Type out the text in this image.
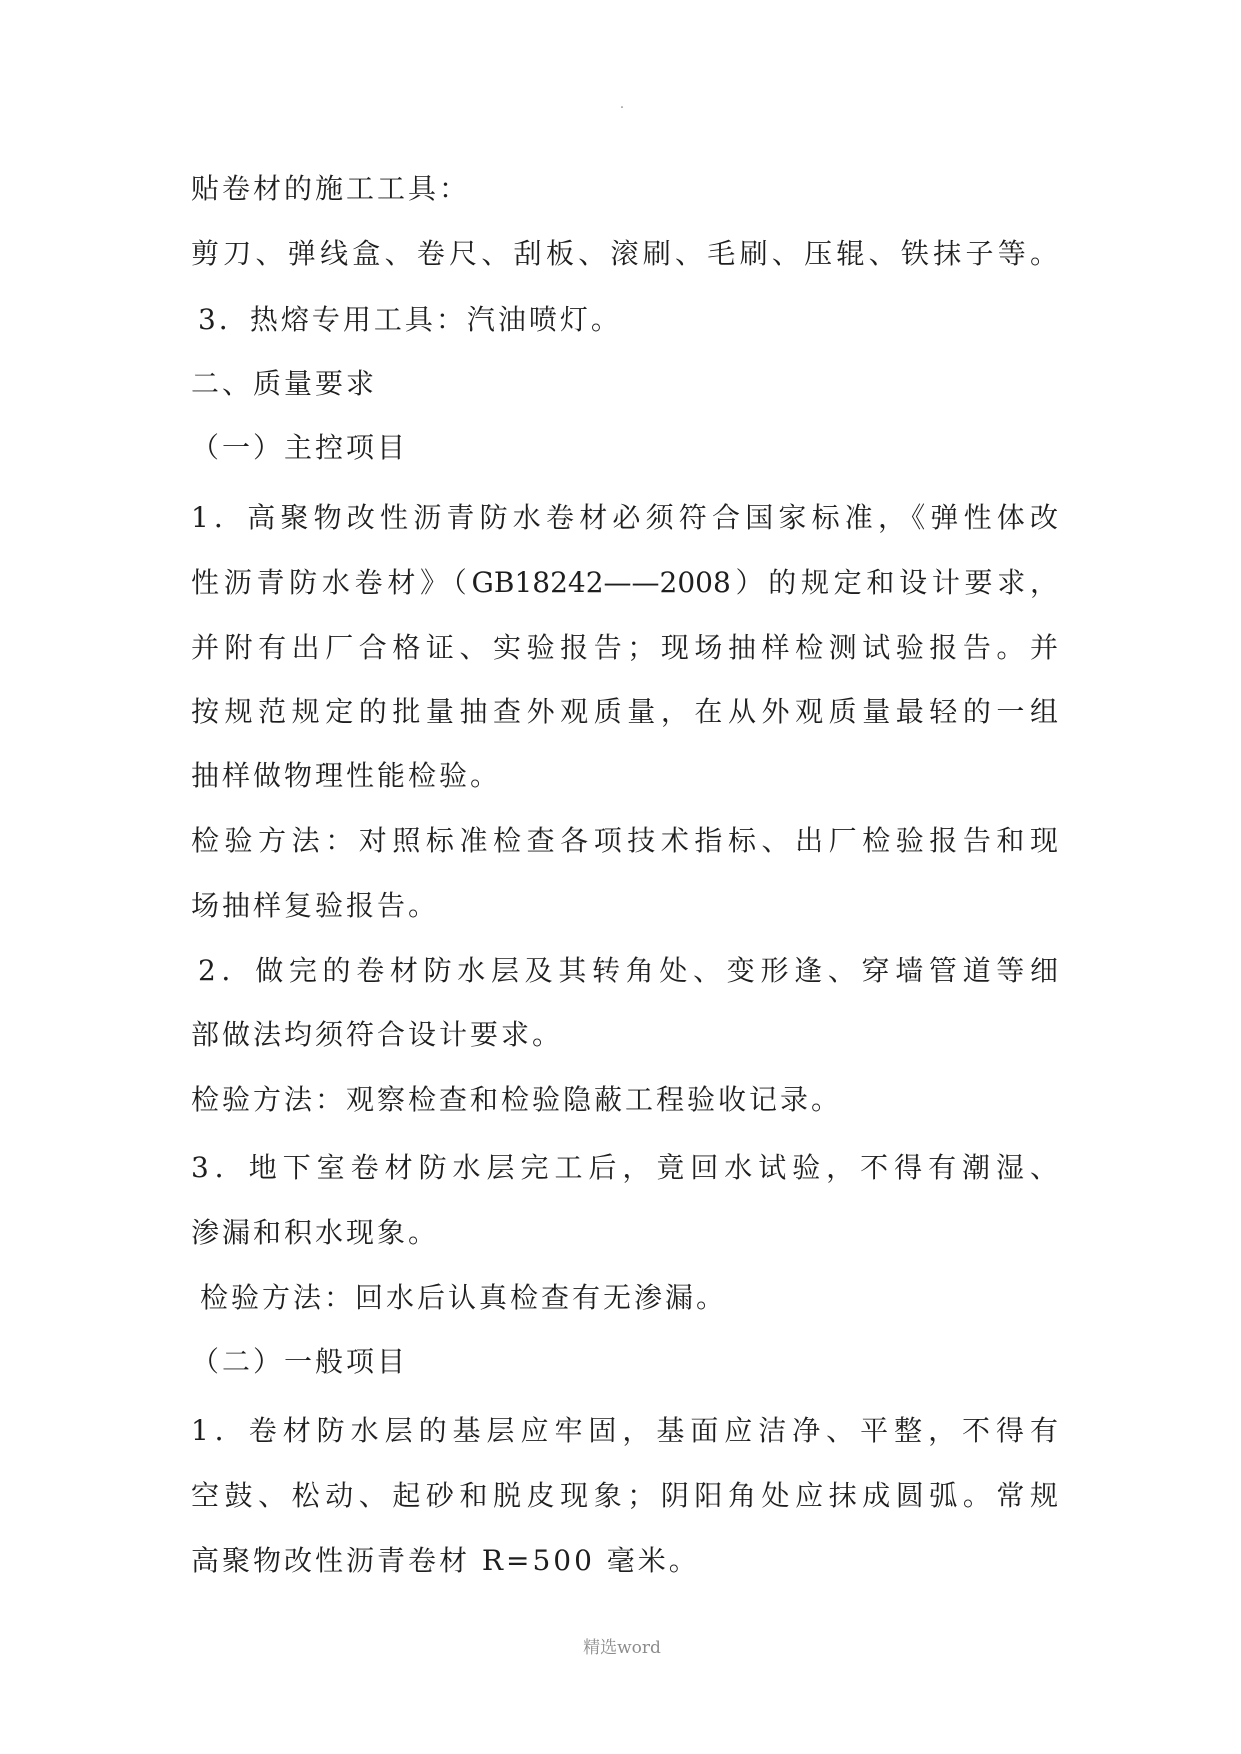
.
贴卷材的施工工具：
剪刀、弹线盒、卷尺、刮板、滚刷、毛刷、压辊、铁抹子等。
3．热熔专用工具：汽油喷灯。
二、质量要求
（一）主控项目
1．高聚物改性沥青防水卷材必须符合国家标准，《弹性体改
性沥青防水卷材》（GB18242——2008）的规定和设计要求，
并附有出厂合格证、实验报告；现场抽样检测试验报告。并
按规范规定的批量抽查外观质量，在从外观质量最轻的一组
抽样做物理性能检验。
检验方法：对照标准检查各项技术指标、出厂检验报告和现
场抽样复验报告。
2．做完的卷材防水层及其转角处、变形逢、穿墙管道等细
部做法均须符合设计要求。
检验方法：观察检查和检验隐蔽工程验收记录。
3．地下室卷材防水层完工后，竟回水试验，不得有潮湿、
渗漏和积水现象。
检验方法：回水后认真检查有无渗漏。
（二）一般项目
1．卷材防水层的基层应牢固，基面应洁净、平整，不得有
空鼓、松动、起砂和脱皮现象；阴阳角处应抹成圆弧。常规
高聚物改性沥青卷材 R=500 毫米。
精选word
